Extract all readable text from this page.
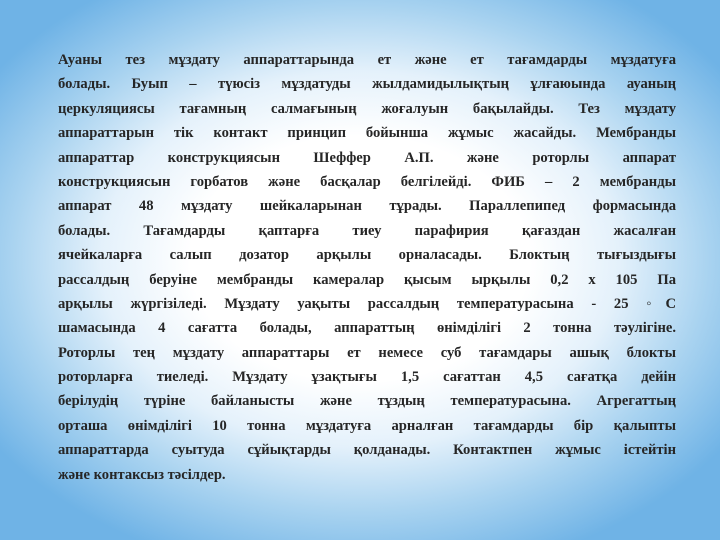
Ауаны тез мұздату аппараттарында ет және ет тағамдарды мұздатуға
болады. Буып – түюсіз мұздатуды жылдамидылықтың ұлғаюында ауаның
церкуляциясы тағамның салмағының жоғалуын бақылайды. Тез мұздату
аппараттарын тік контакт принцип бойынша жұмыс жасайды. Мембранды
аппараттар конструкциясын Шеффер А.П. және роторлы аппарат
конструкциясын горбатов және басқалар белгілейді. ФИБ – 2 мембранды
аппарат 48 мұздату шейкаларынан тұрады. Параллепипед формасында
болады. Тағамдарды қаптарға тиеу парафирия қағаздан жасалған
ячейкаларға салып дозатор арқылы орналасады. Блоктың тығыздығы
рассалдың беруіне мембранды камералар қысым ырқылы 0,2 х 105 Па
арқылы жүргізіледі. Мұздату уақыты рассалдың температурасына - 25 ◦С
шамасында 4 сағатта болады, аппараттың өнімділігі 2 тонна тәулігіне.
Роторлы тең мұздату аппараттары ет немесе суб тағамдары ашық блокты
роторларға тиеледі. Мұздату ұзақтығы 1,5 сағаттан 4,5 сағатқа дейін
берілудің түріне байланысты және тұздың температурасына. Агрегаттың
орташа өнімділігі 10 тонна мұздатуға арналған тағамдарды бір қалыпты
аппараттарда суытуда сұйықтарды қолданады. Контактпен жұмыс істейтін
және контаксыз тәсілдер.
